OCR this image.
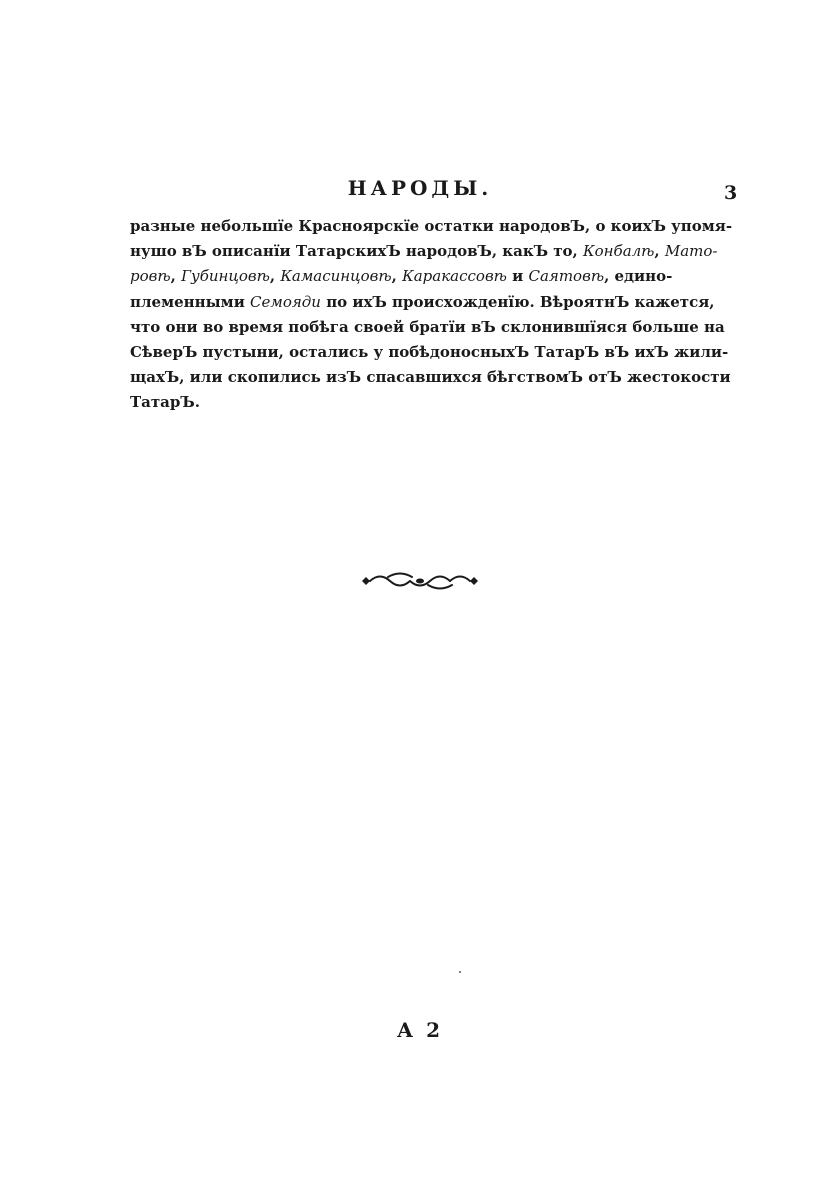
НАРОДЫ.	3
разные небольшïе Красноярскïе остатки народовЪ, о коихЪ упомя-
нушо вЪ описанïи ТатарскихЪ народовЪ, какЪ то, Конбалѣ, Мато-
ровѣ, Губинцовѣ, Камасинцовѣ, Каракассовѣ и Саятовѣ, едино-
племенными Семояди по ихЪ происхожденïю. ВѣроятнЪ кажется,
что они во время побѣга своей братïи вЪ склонившïяся больше на
СѣверЪ пустыни, остались у побѣдоносныхЪ ТатарЪ вЪ ихЪ жили-
щахЪ, или скопились изЪ спасавшихся бѣгствомЪ отЪ жестокости
ТатарЪ.
А 2
